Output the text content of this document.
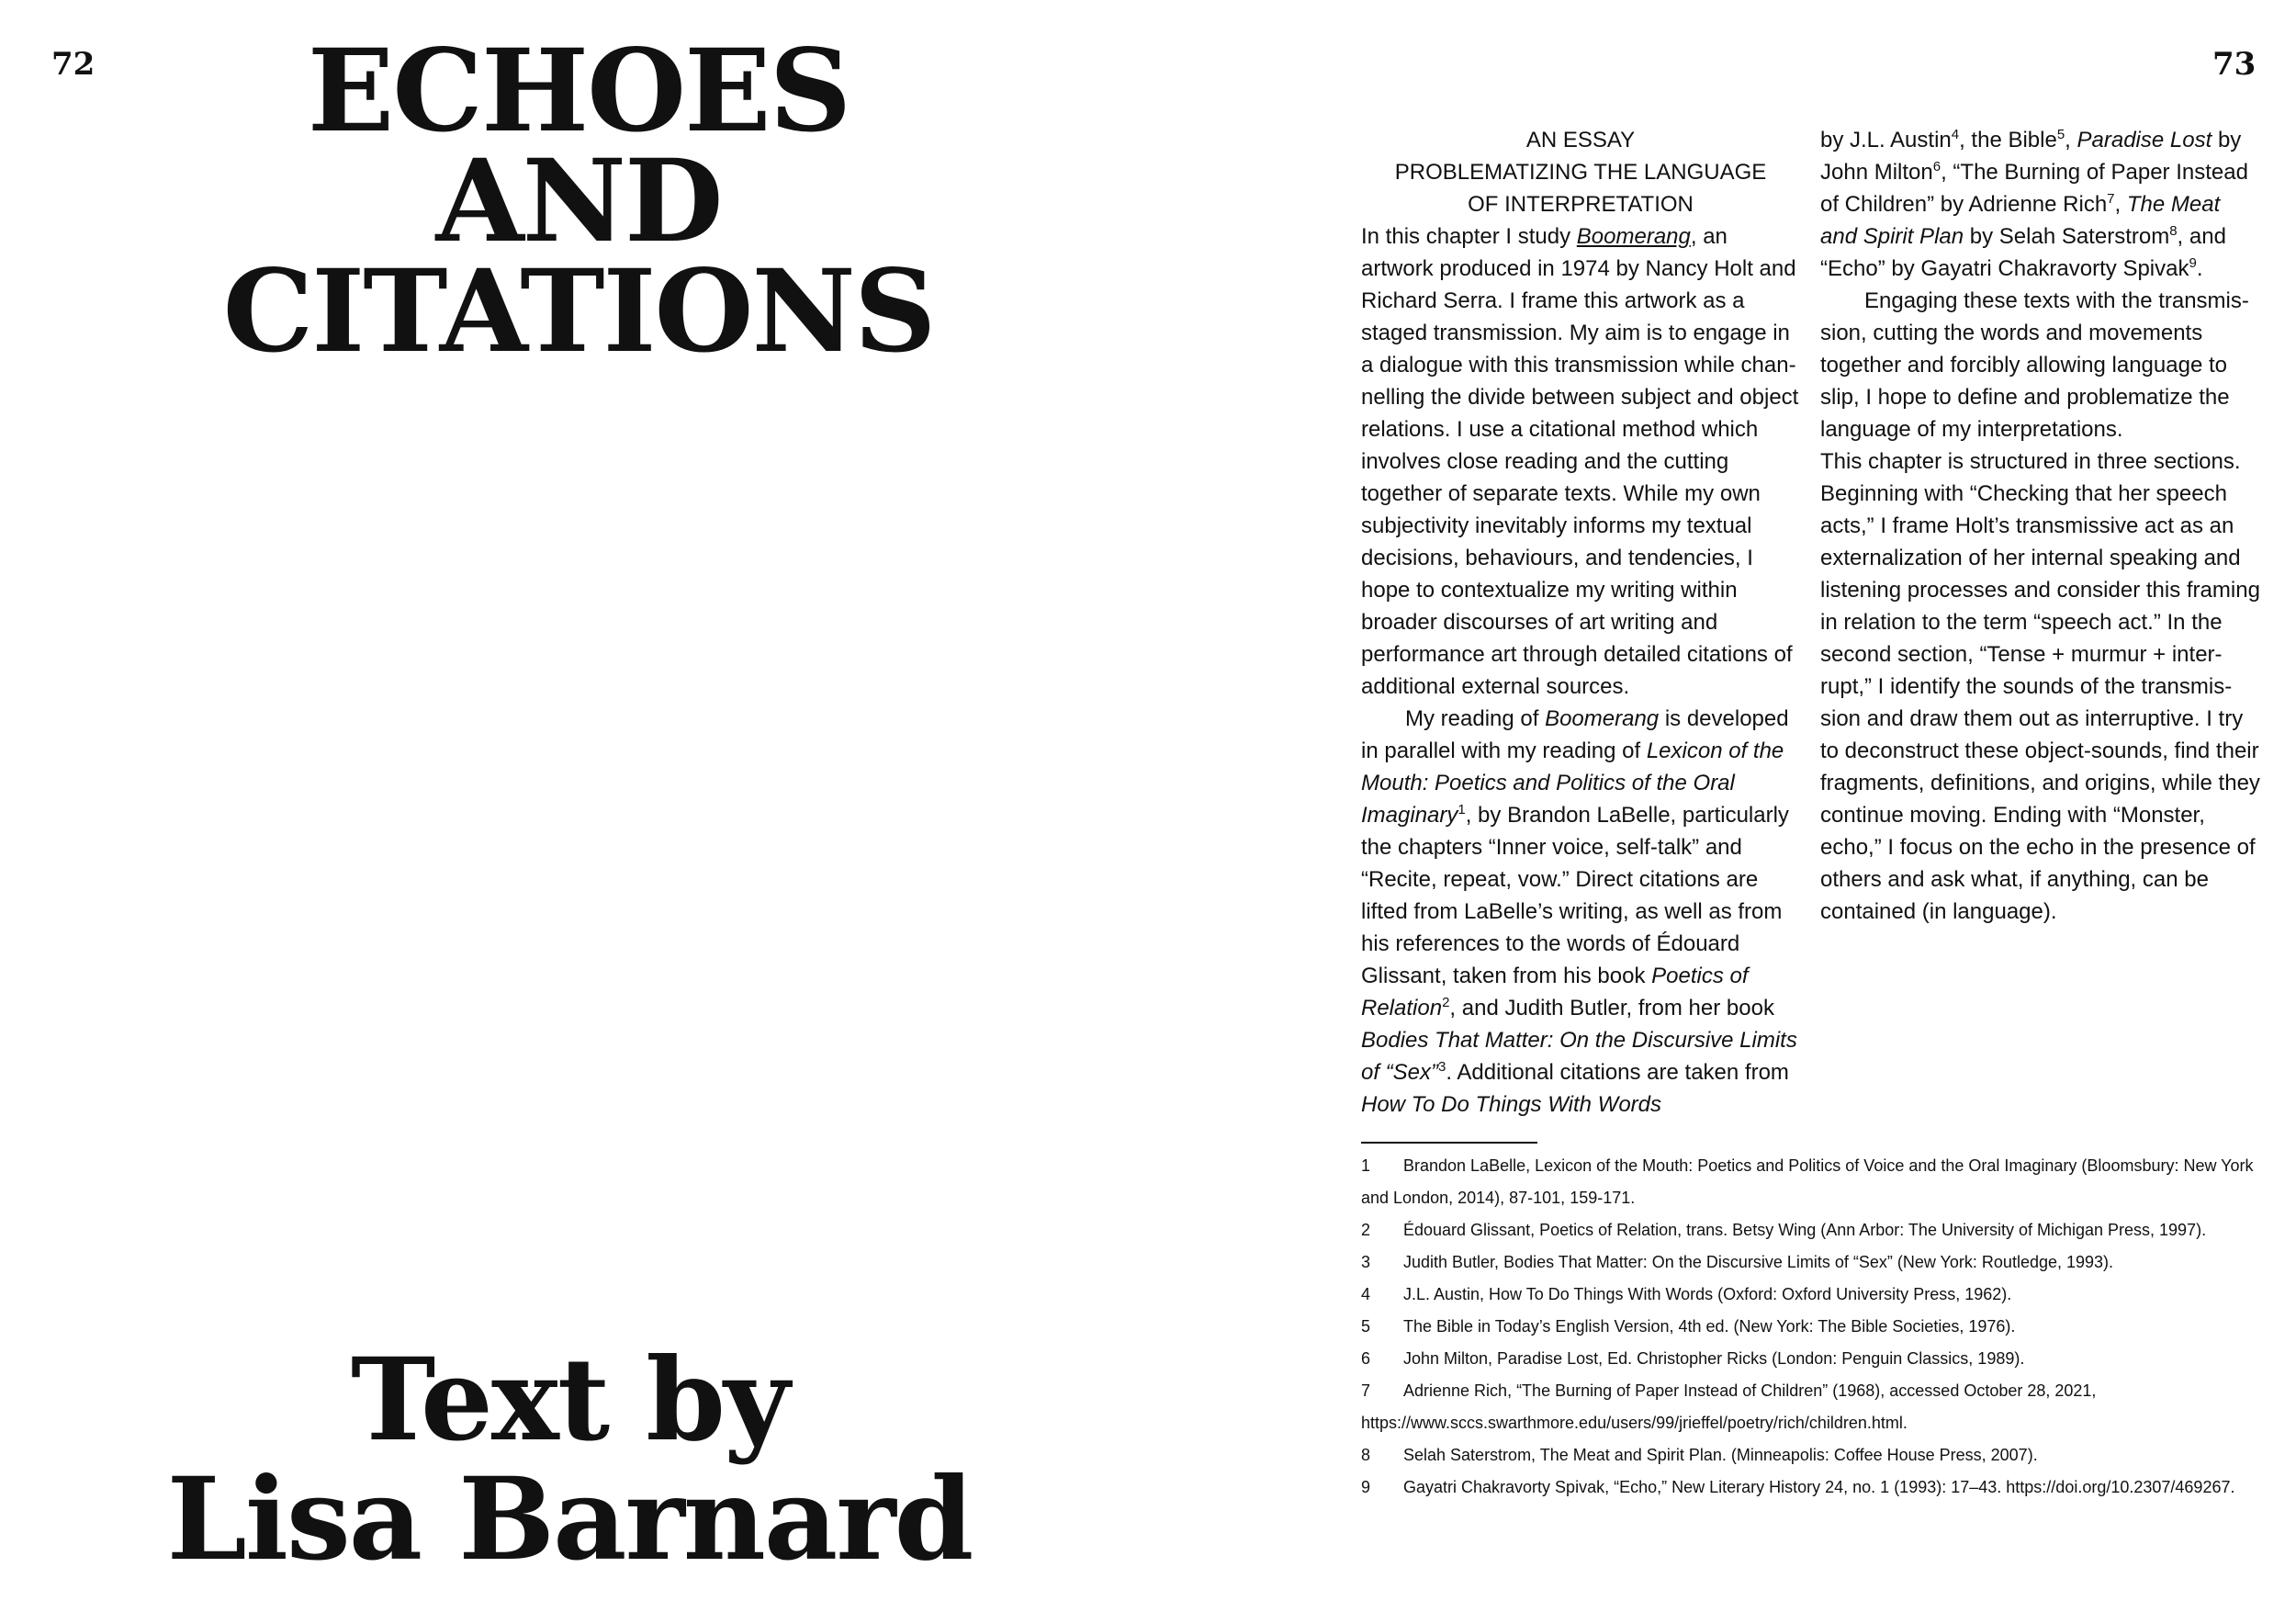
72	ECHOES
AND
CITATIONS
Text by
Lisa Barnard
73
AN ESSAY
PROBLEMATIZING THE LANGUAGE
OF INTERPRETATION

In this chapter I study Boomerang, an artwork produced in 1974 by Nancy Holt and Richard Serra. I frame this artwork as a staged transmission. My aim is to engage in a dialogue with this transmission while chan-nelling the divide between subject and object relations. I use a citational method which involves close reading and the cutting together of separate texts. While my own subjectivity inevitably informs my textual decisions, behaviours, and tendencies, I hope to contextualize my writing within broader discourses of art writing and performance art through detailed citations of additional external sources.

My reading of Boomerang is developed in parallel with my reading of Lexicon of the Mouth: Poetics and Politics of the Oral Imaginary$^1$, by Brandon LaBelle, particularly the chapters “Inner voice, self-talk” and “Recite, repeat, vow.” Direct citations are lifted from LaBelle’s writing, as well as from his references to the words of Édouard Glissant, taken from his book Poetics of Relation$^2$, and Judith Butler, from her book Bodies That Matter: On the Discursive Limits of “Sex”$^3$. Additional citations are taken from How To Do Things With Words

by J.L. Austin$^4$, the Bible$^5$, Paradise Lost by John Milton$^6$, “The Burning of Paper Instead of Children” by Adrienne Rich$^7$, The Meat and Spirit Plan by Selah Saterstrom$^8$, and “Echo” by Gayatri Chakravorty Spivak$^9$.

Engaging these texts with the transmis-sion, cutting the words and movements together and forcibly allowing language to slip, I hope to define and problematize the language of my interpretations.

This chapter is structured in three sections. Beginning with “Checking that her speech acts,” I frame Holt’s transmissive act as an externalization of her internal speaking and listening processes and consider this framing in relation to the term “speech act.” In the second section, “Tense + murmur + inter-rupt,” I identify the sounds of the transmis-sion and draw them out as interruptive. I try to deconstruct these object-sounds, find their fragments, definitions, and origins, while they continue moving. Ending with “Monster, echo,” I focus on the echo in the presence of others and ask what, if anything, can be contained (in language).

1 Brandon LaBelle, Lexicon of the Mouth: Poetics and Politics of Voice and the Oral Imaginary (Bloomsbury: New York and London, 2014), 87-101, 159-171.

2 Édouard Glissant, Poetics of Relation, trans. Betsy Wing (Ann Arbor: The University of Michigan Press, 1997).

3 Judith Butler, Bodies That Matter: On the Discursive Limits of “Sex” (New York: Routledge, 1993).

4 J.L. Austin, How To Do Things With Words (Oxford: Oxford University Press, 1962).

5 The Bible in Today’s English Version, 4th ed. (New York: The Bible Societies, 1976).

6 John Milton, Paradise Lost, Ed. Christopher Ricks (London: Penguin Classics, 1989).

7 Adrienne Rich, “The Burning of Paper Instead of Children” (1968), accessed October 28, 2021, https://www.sccs.swarthmore.edu/users/99/jrieffel/poetry/rich/children.html.

8 Selah Saterstrom, The Meat and Spirit Plan. (Minneapolis: Coffee House Press, 2007).

9 Gayatri Chakravorty Spivak, “Echo,” New Literary History 24, no. 1 (1993): 17–43. https://doi.org/10.2307/469267.
